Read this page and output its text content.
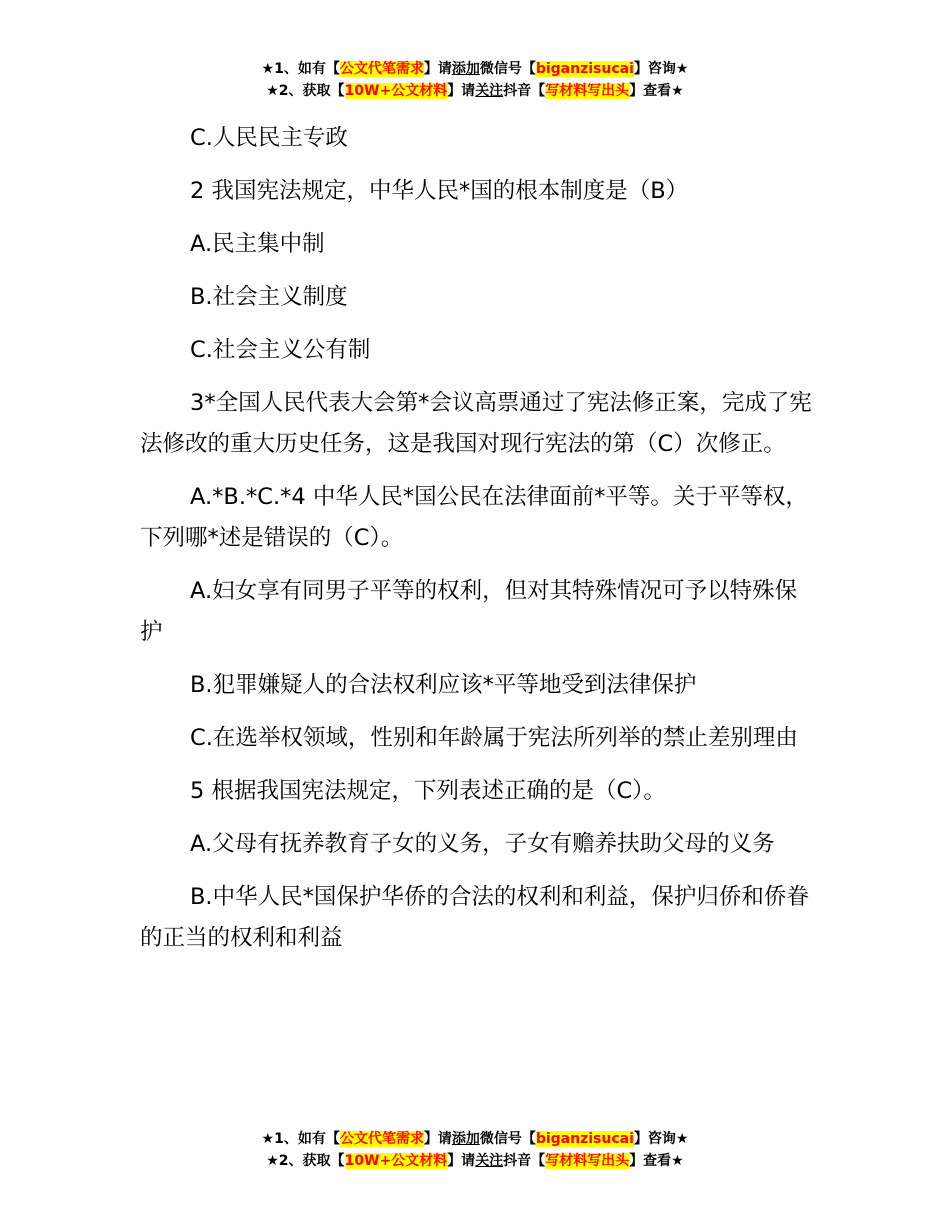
★1、如有【公文代笔需求】请添加微信号【biganzisucai】咨询★
★2、获取【10W+公文材料】请关注抖音【写材料写出头】查看★

C.人民民主专政

2 我国宪法规定，中华人民*国的根本制度是（B）

A.民主集中制

B.社会主义制度

C.社会主义公有制

3*全国人民代表大会第*会议高票通过了宪法修正案，完成了宪法修改的重大历史任务，这是我国对现行宪法的第（C）次修正。

A.*B.*C.*4 中华人民*国公民在法律面前*平等。关于平等权，下列哪*述是错误的（C）。

A.妇女享有同男子平等的权利，但对其特殊情况可予以特殊保护

B.犯罪嫌疑人的合法权利应该*平等地受到法律保护

C.在选举权领域，性别和年龄属于宪法所列举的禁止差别理由

5 根据我国宪法规定，下列表述正确的是（C）。

A.父母有抚养教育子女的义务，子女有赡养扶助父母的义务

B.中华人民*国保护华侨的合法的权利和利益，保护归侨和侨眷的正当的权利和利益

★1、如有【公文代笔需求】请添加微信号【biganzisucai】咨询★
★2、获取【10W+公文材料】请关注抖音【写材料写出头】查看★
